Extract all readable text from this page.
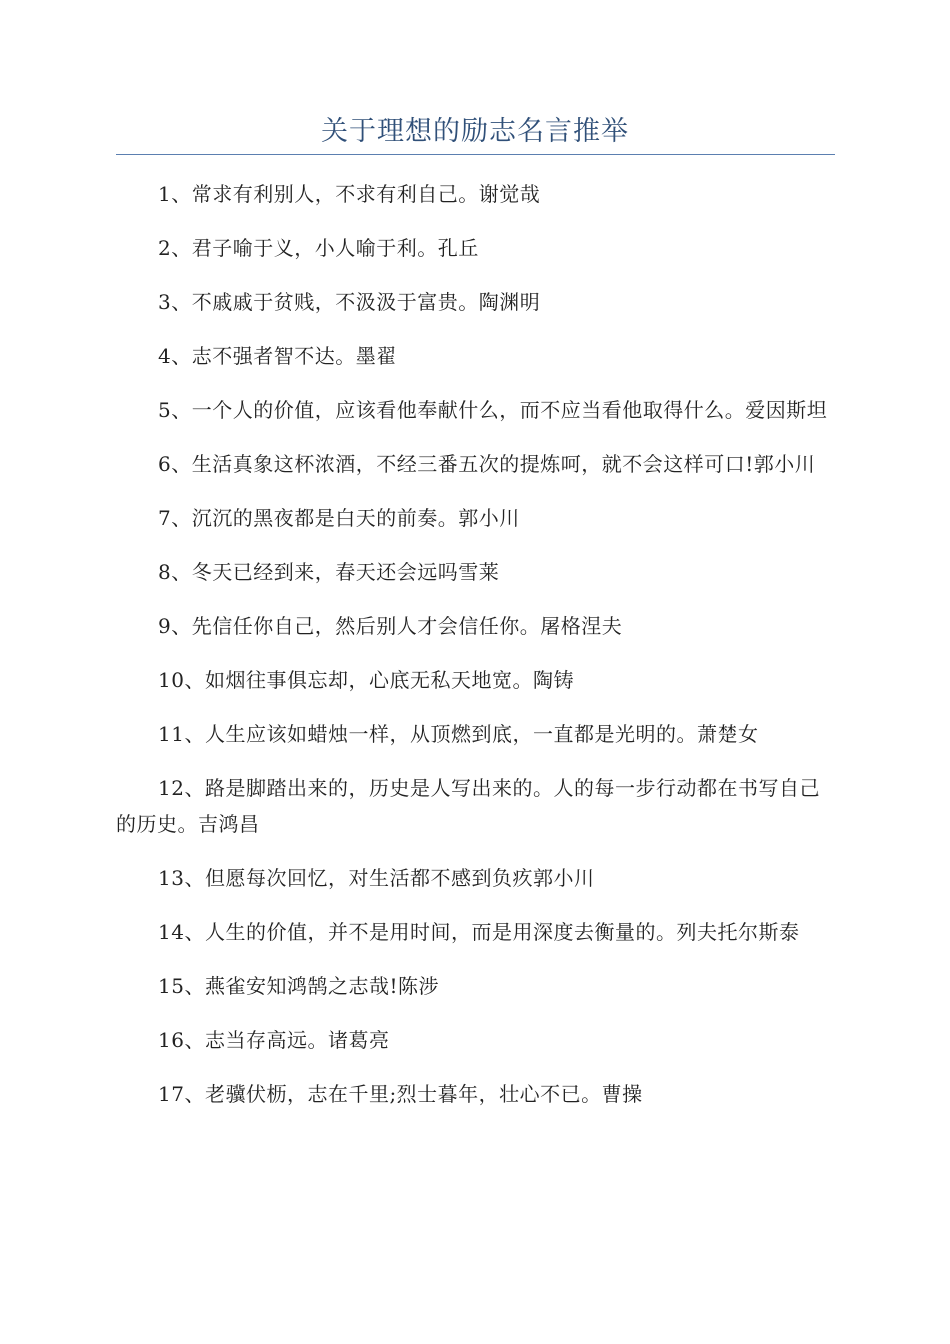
关于理想的励志名言推举

1、常求有利别人，不求有利自己。谢觉哉

2、君子喻于义，小人喻于利。孔丘

3、不戚戚于贫贱，不汲汲于富贵。陶渊明

4、志不强者智不达。墨翟

5、一个人的价值，应该看他奉献什么，而不应当看他取得什么。爱因斯坦

6、生活真象这杯浓酒，不经三番五次的提炼呵，就不会这样可口!郭小川

7、沉沉的黑夜都是白天的前奏。郭小川

8、冬天已经到来，春天还会远吗雪莱

9、先信任你自己，然后别人才会信任你。屠格涅夫

10、如烟往事俱忘却，心底无私天地宽。陶铸

11、人生应该如蜡烛一样，从顶燃到底，一直都是光明的。萧楚女

12、路是脚踏出来的，历史是人写出来的。人的每一步行动都在书写自己的历史。吉鸿昌

13、但愿每次回忆，对生活都不感到负疚郭小川

14、人生的价值，并不是用时间，而是用深度去衡量的。列夫托尔斯泰

15、燕雀安知鸿鹄之志哉!陈涉

16、志当存高远。诸葛亮

17、老骥伏枥，志在千里;烈士暮年，壮心不已。曹操
